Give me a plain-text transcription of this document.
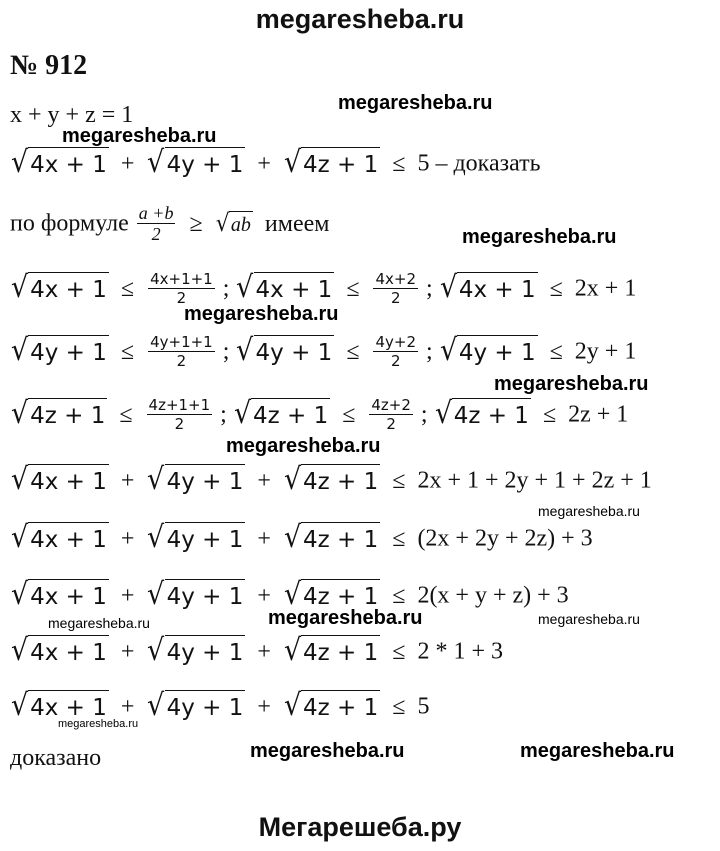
megaresheba.ru
№ 912
x + y + z = 1
√ 4x + 1 + √ 4y + 1 + √ 4z + 1 ≤ 5 – доказать
по формуле $\frac{a +b}{2}$ ≥ √ ab имеем
√ $4x + 1 \le \frac{4x+1+1}{2}$ ; √ $4x + 1 \le \frac{4x+2}{2}$ ; √ 4x + 1 ≤ 2x + 1
√ $4y + 1 \le \frac{4y+1+1}{2}$ ; √ $4y + 1 \le \frac{4y+2}{2}$ ; √ 4y + 1 ≤ 2y + 1
√ $4z + 1 \le \frac{4z+1+1}{2}$ ; √ $4z + 1 \le \frac{4z+2}{2}$ ; √ 4z + 1 ≤ 2z + 1
√ 4x + 1 + √ 4y + 1 + √ 4z + 1 ≤ 2x + 1 + 2y + 1 + 2z + 1
√ 4x + 1 + √ 4y + 1 + √ 4z + 1 ≤ (2x + 2y + 2z) + 3
√ 4x + 1 + √ 4y + 1 + √ 4z + 1 ≤ 2(x + y + z) + 3
√ 4x + 1 + √ 4y + 1 + √ 4z + 1 ≤ 2 * 1 + 3
√ 4x + 1 + √ 4y + 1 + √ 4z + 1 ≤ 5
доказано
megaresheba.ru
megaresheba.ru
megaresheba.ru
megaresheba.ru
megaresheba.ru
megaresheba.ru
megaresheba.ru
megaresheba.ru
megaresheba.ru	megaresheba.ru
megaresheba.ru
megaresheba.ru	megaresheba.ru
Мегарешеба.ру
